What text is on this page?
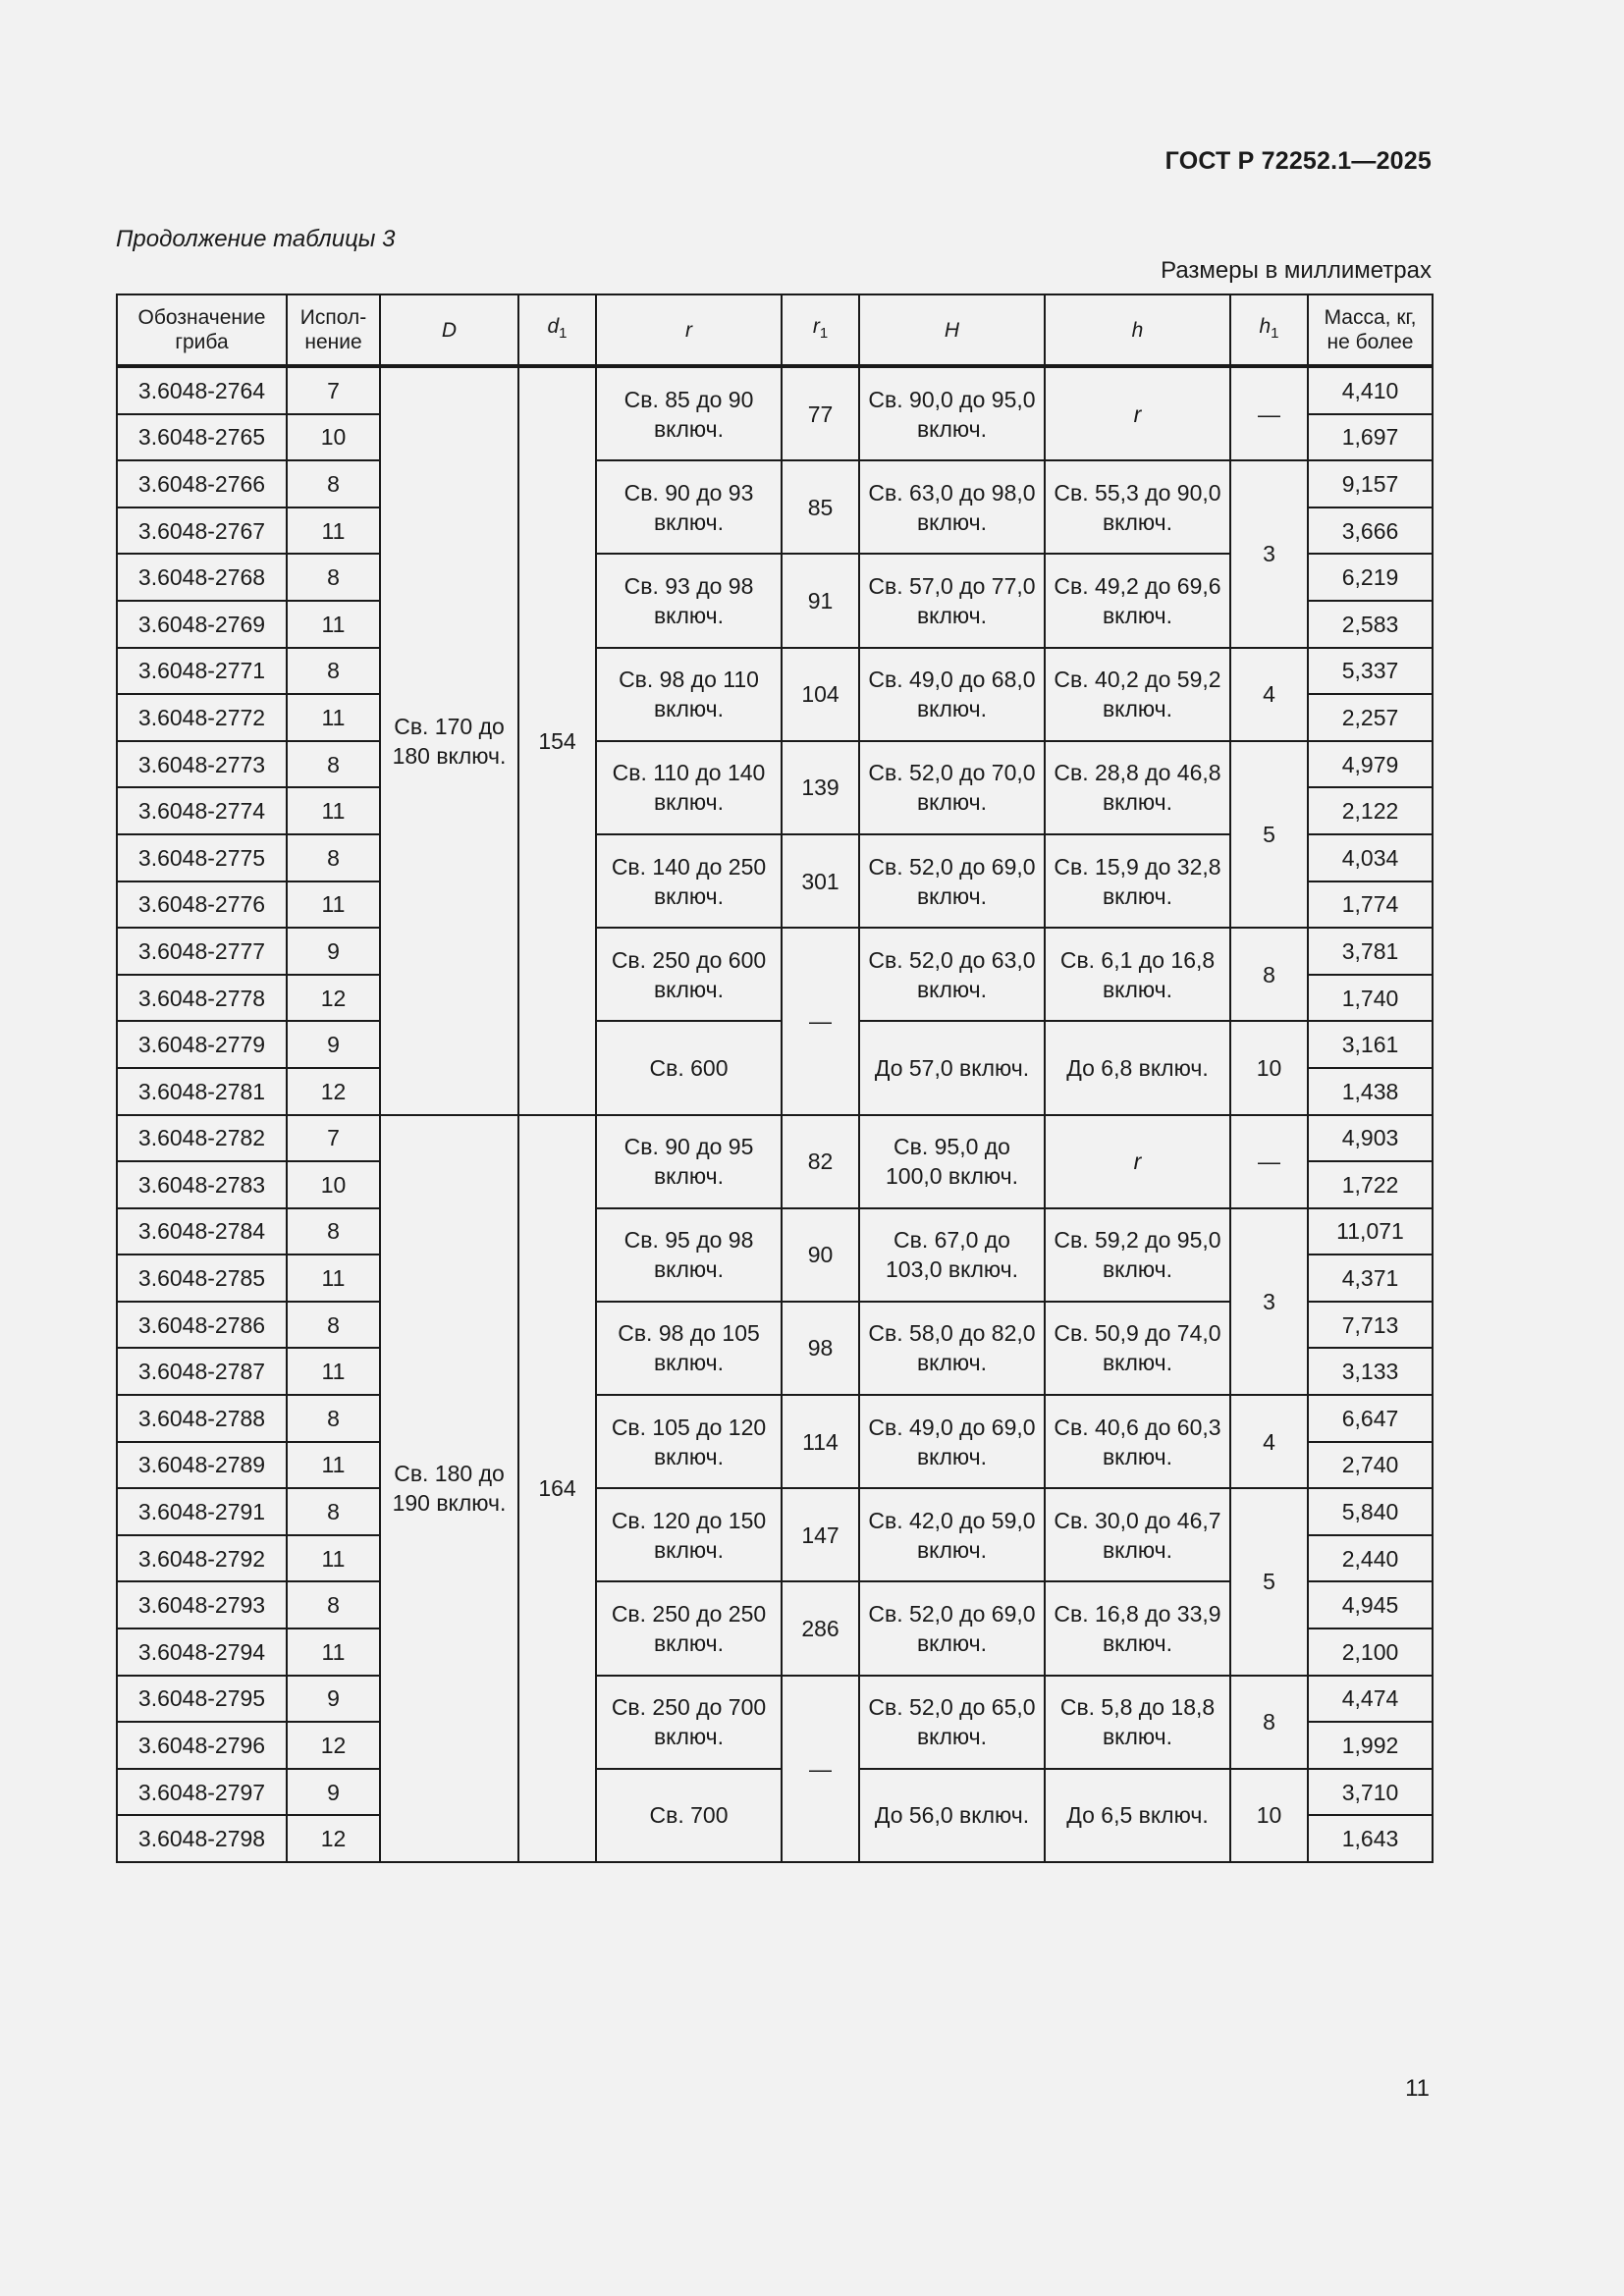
ГОСТ Р 72252.1—2025
Продолжение таблицы 3
Размеры в миллиметрах
Обозначение гриба	Испол-нение	D	$d_1$	r	$r_1$	H	h	$h_1$	Масса, кг, не более
3.6048-2764	7	Св. 170 до 180 включ.	154	Св. 85 до 90 включ.	77	Св. 90,0 до 95,0 включ.	r	—	4,410
3.6048-2765	10								1,697
3.6048-2766	8			Св. 90 до 93 включ.	85	Св. 63,0 до 98,0 включ.	Св. 55,3 до 90,0 включ.	3	9,157
3.6048-2767	11								3,666
3.6048-2768	8			Св. 93 до 98 включ.	91	Св. 57,0 до 77,0 включ.	Св. 49,2 до 69,6 включ.		6,219
3.6048-2769	11								2,583
3.6048-2771	8			Св. 98 до 110 включ.	104	Св. 49,0 до 68,0 включ.	Св. 40,2 до 59,2 включ.	4	5,337
3.6048-2772	11								2,257
3.6048-2773	8			Св. 110 до 140 включ.	139	Св. 52,0 до 70,0 включ.	Св. 28,8 до 46,8 включ.	5	4,979
3.6048-2774	11								2,122
3.6048-2775	8			Св. 140 до 250 включ.	301	Св. 52,0 до 69,0 включ.	Св. 15,9 до 32,8 включ.		4,034
3.6048-2776	11								1,774
3.6048-2777	9			Св. 250 до 600 включ.	—	Св. 52,0 до 63,0 включ.	Св. 6,1 до 16,8 включ.	8	3,781
3.6048-2778	12								1,740
3.6048-2779	9			Св. 600		До 57,0 включ.	До 6,8 включ.	10	3,161
3.6048-2781	12								1,438
3.6048-2782	7	Св. 180 до 190 включ.	164	Св. 90 до 95 включ.	82	Св. 95,0 до 100,0 включ.	r	—	4,903
3.6048-2783	10								1,722
3.6048-2784	8			Св. 95 до 98 включ.	90	Св. 67,0 до 103,0 включ.	Св. 59,2 до 95,0 включ.	3	11,071
3.6048-2785	11								4,371
3.6048-2786	8			Св. 98 до 105 включ.	98	Св. 58,0 до 82,0 включ.	Св. 50,9 до 74,0 включ.		7,713
3.6048-2787	11								3,133
3.6048-2788	8			Св. 105 до 120 включ.	114	Св. 49,0 до 69,0 включ.	Св. 40,6 до 60,3 включ.	4	6,647
3.6048-2789	11								2,740
3.6048-2791	8			Св. 120 до 150 включ.	147	Св. 42,0 до 59,0 включ.	Св. 30,0 до 46,7 включ.	5	5,840
3.6048-2792	11								2,440
3.6048-2793	8			Св. 250 до 250 включ.	286	Св. 52,0 до 69,0 включ.	Св. 16,8 до 33,9 включ.		4,945
3.6048-2794	11								2,100
3.6048-2795	9			Св. 250 до 700 включ.	—	Св. 52,0 до 65,0 включ.	Св. 5,8 до 18,8 включ.	8	4,474
3.6048-2796	12								1,992
3.6048-2797	9			Св. 700		До 56,0 включ.	До 6,5 включ.	10	3,710
3.6048-2798	12								1,643
11
